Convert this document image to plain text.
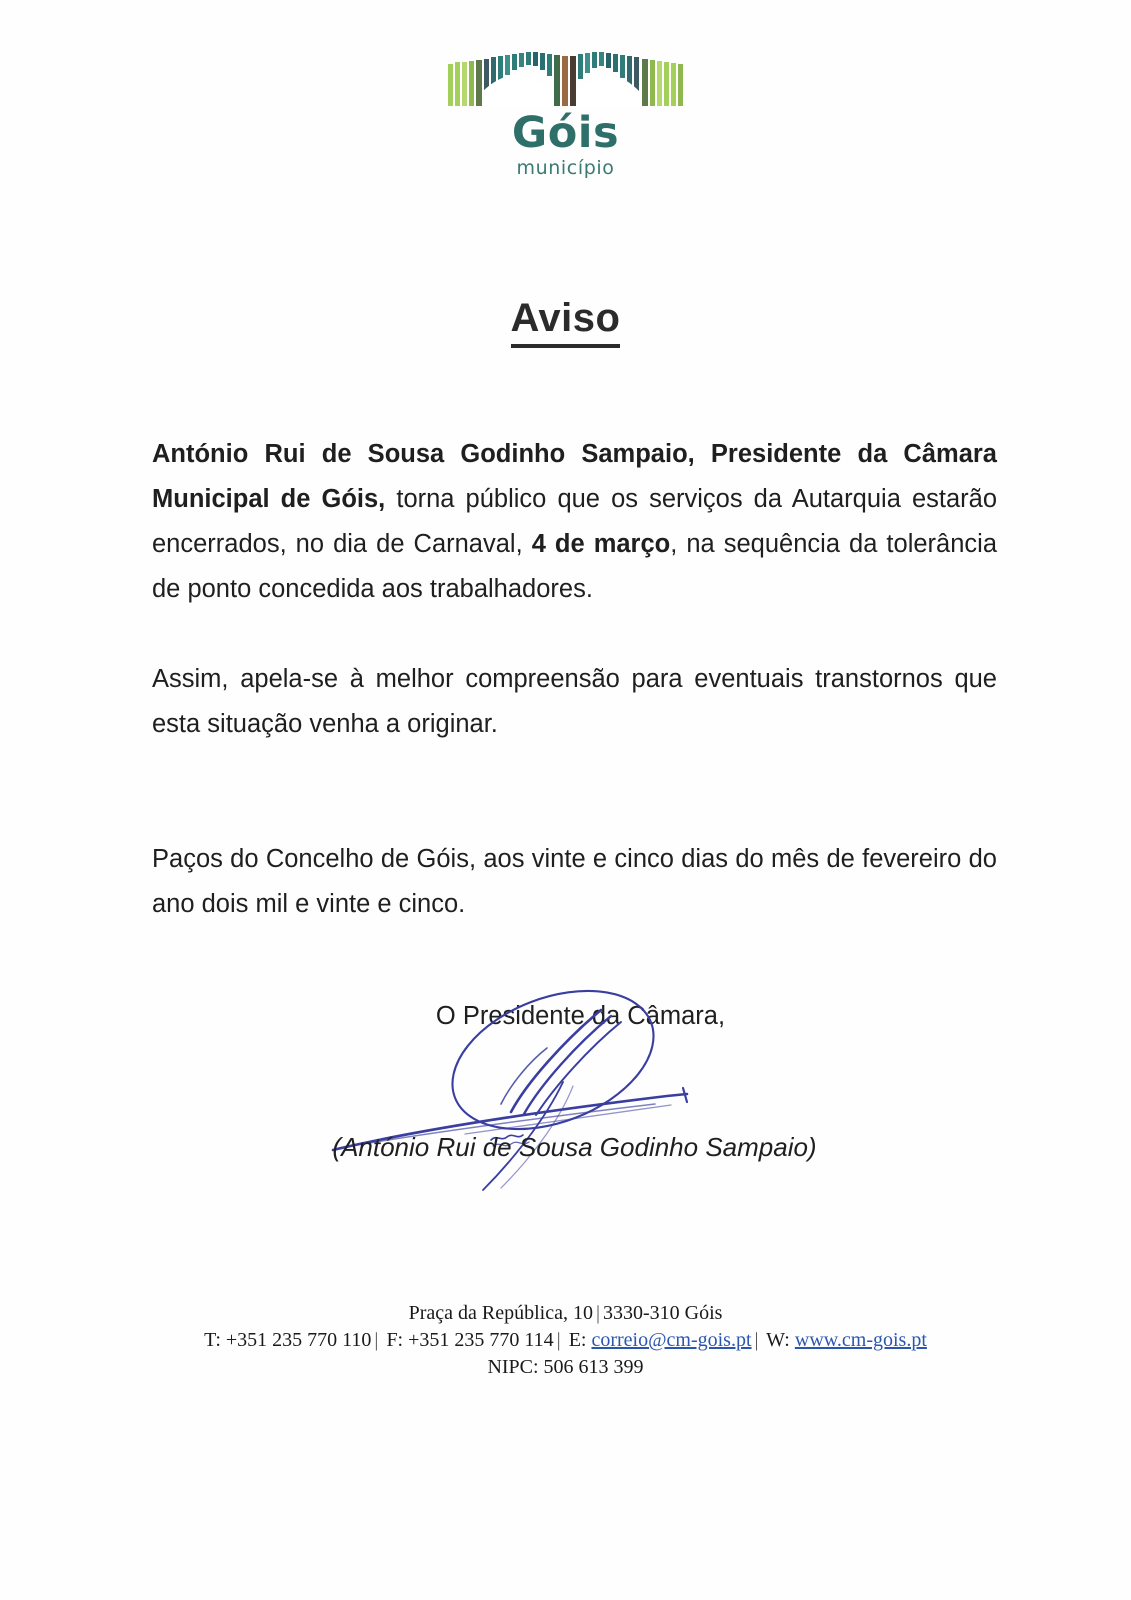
Góis
município
Aviso

António Rui de Sousa Godinho Sampaio, Presidente da Câmara Municipal de Góis, torna público que os serviços da Autarquia estarão encerrados, no dia de Carnaval, 4 de março, na sequência da tolerância de ponto concedida aos trabalhadores.

Assim, apela-se à melhor compreensão para eventuais transtornos que esta situação venha a originar.

Paços do Concelho de Góis, aos vinte e cinco dias do mês de fevereiro do ano dois mil e vinte e cinco.

O Presidente da Câmara,
(António Rui de Sousa Godinho Sampaio)
Praça da República, 10 | 3330-310 Góis
T: +351 235 770 110 | F: +351 235 770 114 | E: correio@cm-gois.pt | W: www.cm-gois.pt
NIPC: 506 613 399
